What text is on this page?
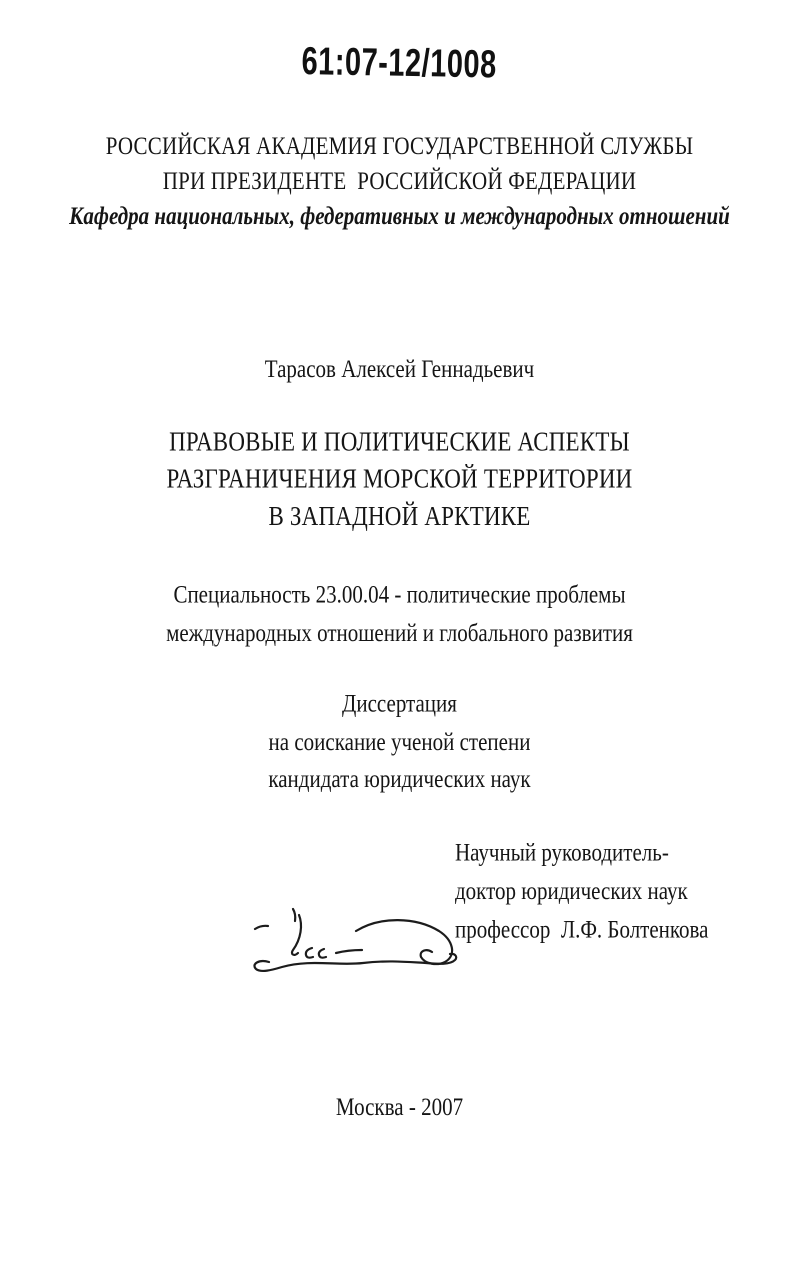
61:07-12/1008
РОССИЙСКАЯ АКАДЕМИЯ ГОСУДАРСТВЕННОЙ СЛУЖБЫ
ПРИ ПРЕЗИДЕНТЕ  РОССИЙСКОЙ ФЕДЕРАЦИИ
Кафедра национальных, федеративных и международных отношений
Тарасов Алексей Геннадьевич
ПРАВОВЫЕ И ПОЛИТИЧЕСКИЕ АСПЕКТЫ
РАЗГРАНИЧЕНИЯ МОРСКОЙ ТЕРРИТОРИИ
В ЗАПАДНОЙ АРКТИКЕ
Специальность 23.00.04 - политические проблемы
международных отношений и глобального развития
Диссертация
на соискание ученой степени
кандидата юридических наук
Научный руководитель-
доктор юридических наук
профессор  Л.Ф. Болтенкова
Москва - 2007
